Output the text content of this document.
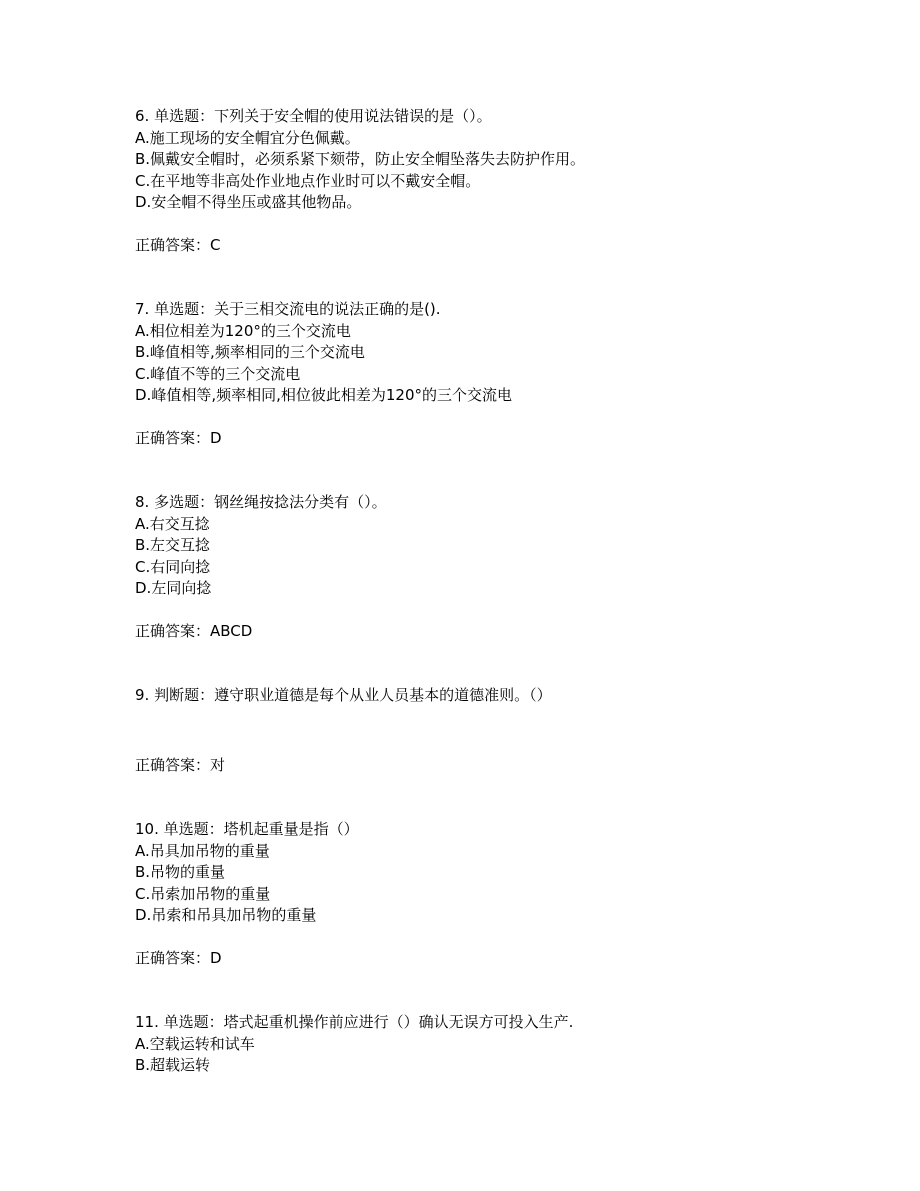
6. 单选题：下列关于安全帽的使用说法错误的是（）。
A.施工现场的安全帽宜分色佩戴。
B.佩戴安全帽时，必须系紧下颏带，防止安全帽坠落失去防护作用。
C.在平地等非高处作业地点作业时可以不戴安全帽。
D.安全帽不得坐压或盛其他物品。
正确答案：C
7. 单选题：关于三相交流电的说法正确的是().
A.相位相差为120°的三个交流电
B.峰值相等,频率相同的三个交流电
C.峰值不等的三个交流电
D.峰值相等,频率相同,相位彼此相差为120°的三个交流电
正确答案：D
8. 多选题：钢丝绳按捻法分类有（）。
A.右交互捻
B.左交互捻
C.右同向捻
D.左同向捻
正确答案：ABCD
9. 判断题：遵守职业道德是每个从业人员基本的道德准则。（）
正确答案：对
10. 单选题：塔机起重量是指（）
A.吊具加吊物的重量
B.吊物的重量
C.吊索加吊物的重量
D.吊索和吊具加吊物的重量
正确答案：D
11. 单选题：塔式起重机操作前应进行（）确认无误方可投入生产.
A.空载运转和试车
B.超载运转
